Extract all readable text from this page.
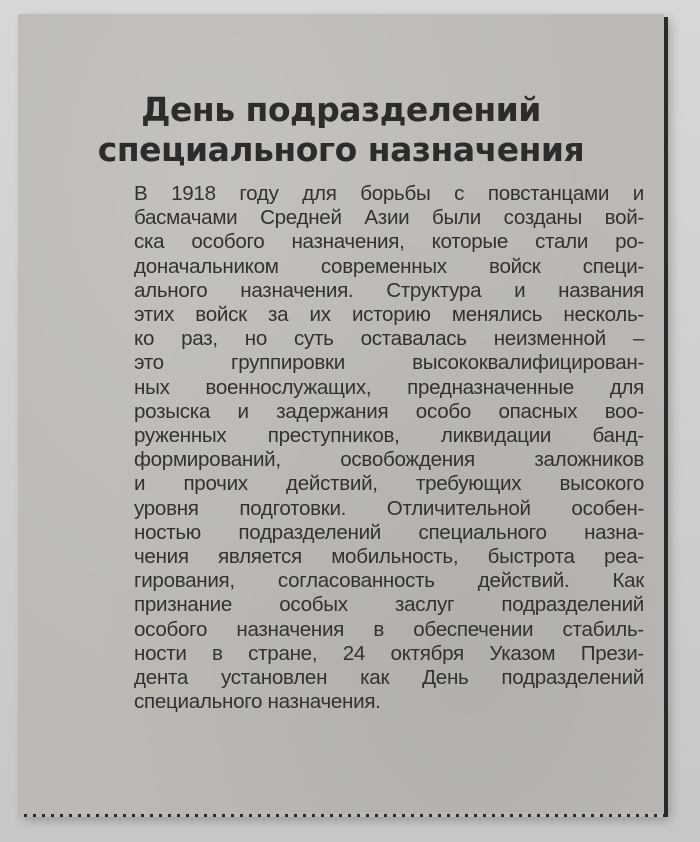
День подразделений
специального назначения

В 1918 году для борьбы с повстанцами и
басмачами Средней Азии были созданы вой-
ска особого назначения, которые стали ро-
доначальником современных войск специ-
ального назначения. Структура и названия
этих войск за их историю менялись несколь-
ко раз, но суть оставалась неизменной –
это группировки высококвалифицирован-
ных военнослужащих, предназначенные для
розыска и задержания особо опасных воо-
руженных преступников, ликвидации банд-
формирований, освобождения заложников
и прочих действий, требующих высокого
уровня подготовки. Отличительной особен-
ностью подразделений специального назна-
чения является мобильность, быстрота реа-
гирования, согласованность действий. Как
признание особых заслуг подразделений
особого назначения в обеспечении стабиль-
ности в стране, 24 октября Указом Прези-
дента установлен как День подразделений
специального назначения.
